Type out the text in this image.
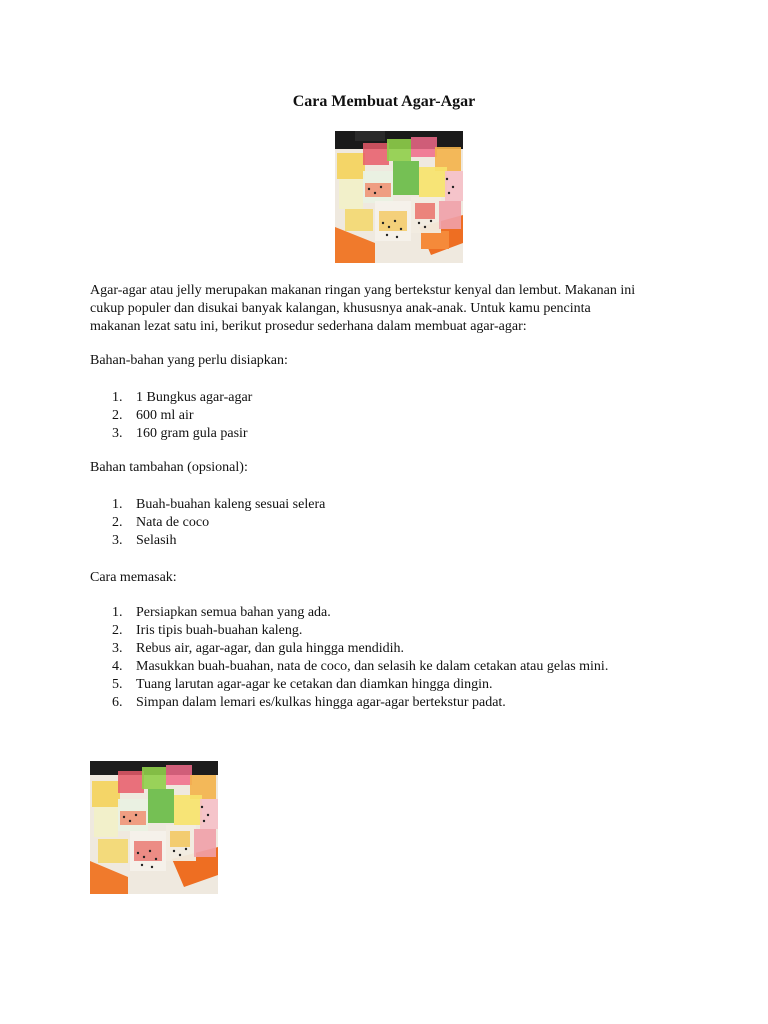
Cara Membuat Agar-Agar

Agar-agar atau jelly merupakan makanan ringan yang bertekstur kenyal dan lembut. Makanan ini

cukup populer dan disukai banyak kalangan, khususnya anak-anak. Untuk kamu pencinta

makanan lezat satu ini, berikut prosedur sederhana dalam membuat agar-agar:

Bahan-bahan yang perlu disiapkan:
1. 1 Bungkus agar-agar
2. 600 ml air
3. 160 gram gula pasir
Bahan tambahan (opsional):
1. Buah-buahan kaleng sesuai selera
2. Nata de coco
3. Selasih
Cara memasak:
1. Persiapkan semua bahan yang ada.
2. Iris tipis buah-buahan kaleng.
3. Rebus air, agar-agar, dan gula hingga mendidih.
4. Masukkan buah-buahan, nata de coco, dan selasih ke dalam cetakan atau gelas mini.
5. Tuang larutan agar-agar ke cetakan dan diamkan hingga dingin.
6. Simpan dalam lemari es/kulkas hingga agar-agar bertekstur padat.
